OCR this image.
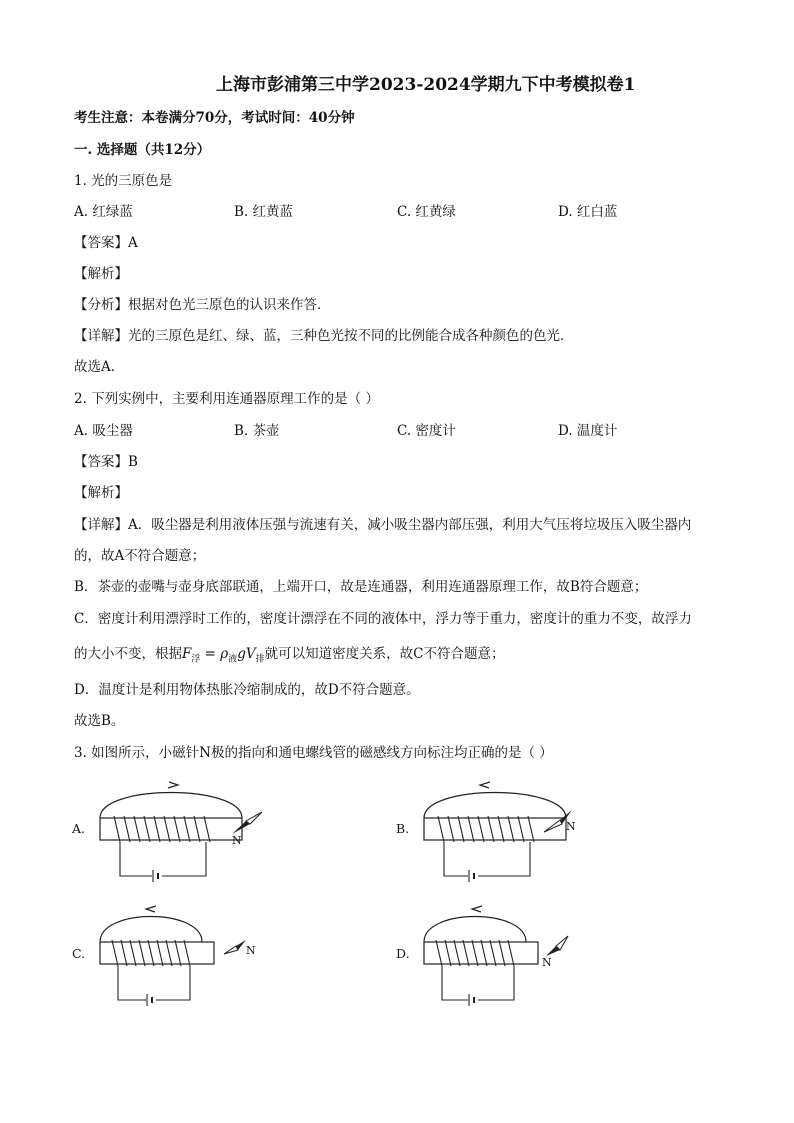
上海市彭浦第三中学2023-2024学期九下中考模拟卷1
考生注意：本卷满分70分，考试时间：40分钟
一. 选择题（共12分）
1. 光的三原色是
A. 红绿蓝	B. 红黄蓝	C. 红黄绿	D. 红白蓝
【答案】A
【解析】
【分析】根据对色光三原色的认识来作答．
【详解】光的三原色是红、绿、蓝，三种色光按不同的比例能合成各种颜色的色光．
故选A．
2. 下列实例中，主要利用连通器原理工作的是（ ）
A. 吸尘器	B. 茶壶	C. 密度计	D. 温度计
【答案】B
【解析】
【详解】A．吸尘器是利用液体压强与流速有关，减小吸尘器内部压强，利用大气压将垃圾压入吸尘器内
的，故A不符合题意；
B．茶壶的壶嘴与壶身底部联通，上端开口，故是连通器，利用连通器原理工作，故B符合题意；
C．密度计利用漂浮时工作的，密度计漂浮在不同的液体中，浮力等于重力，密度计的重力不变，故浮力
的大小不变，根据$F_浮 = \rho_液gV_排$就可以知道密度关系，故C不符合题意；
D．温度计是利用物体热胀冷缩制成的，故D不符合题意。
故选B。
3. 如图所示，小磁针N极的指向和通电螺线管的磁感线方向标注均正确的是（ ）
A.	B.
C.	D.
N
N
N
N
